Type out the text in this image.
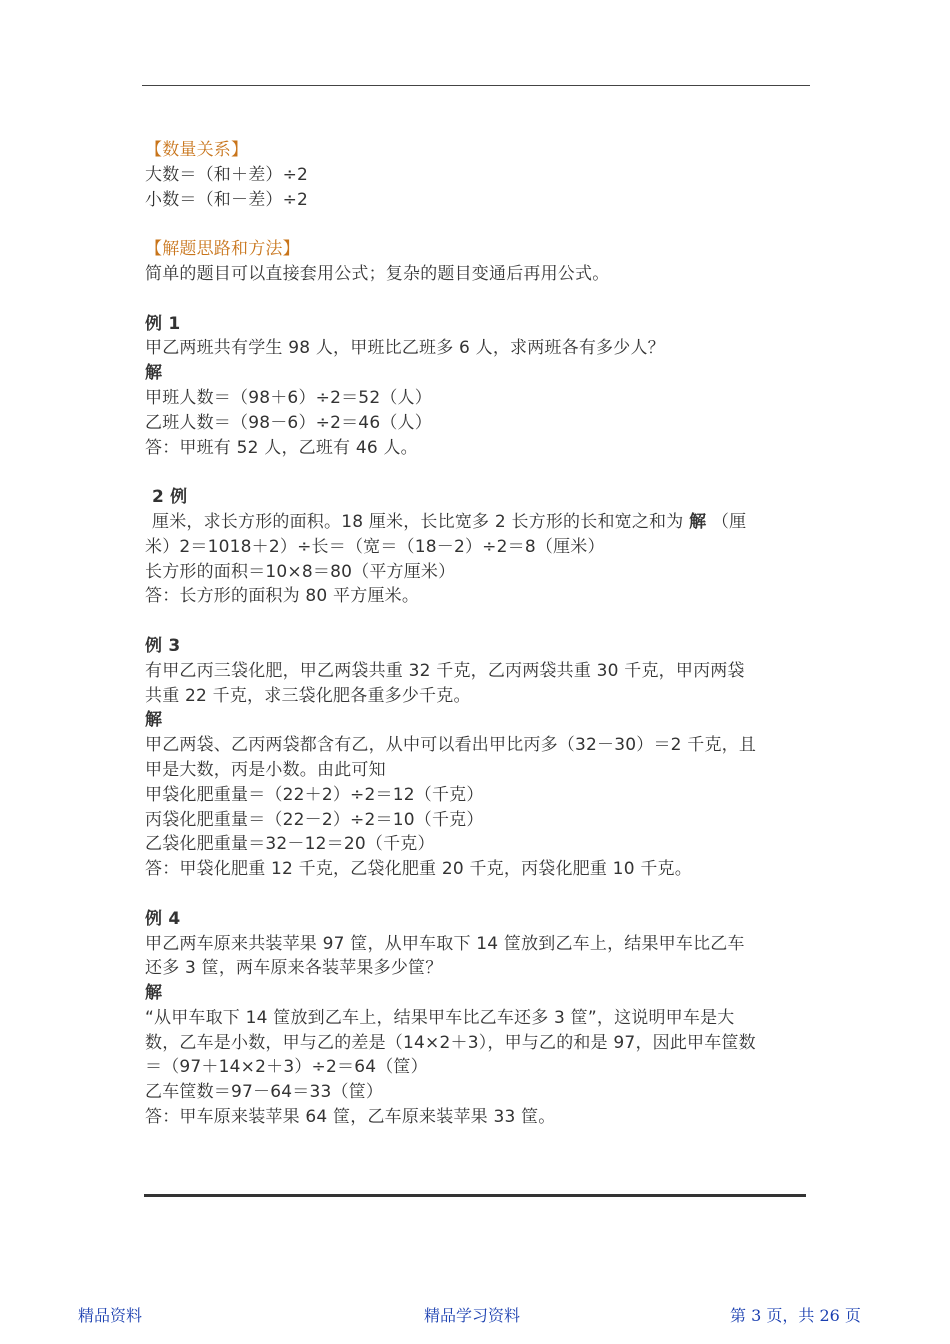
【数量关系】

大数＝（和＋差）÷2

小数＝（和－差）÷2

【解题思路和方法】

简单的题目可以直接套用公式；复杂的题目变通后再用公式。

例 1

甲乙两班共有学生 98 人，甲班比乙班多 6 人，求两班各有多少人？

解

甲班人数＝（98＋6）÷2＝52（人）

乙班人数＝（98－6）÷2＝46（人）

答：甲班有 52 人，乙班有 46 人。

2 例

厘米，求长方形的面积。18 厘米，长比宽多 2 长方形的长和宽之和为 解 （厘

米）2＝1018＋2）÷长＝（宽＝（18－2）÷2＝8（厘米）

长方形的面积＝10×8＝80（平方厘米）

答：长方形的面积为 80 平方厘米。

例 3

有甲乙丙三袋化肥，甲乙两袋共重 32 千克，乙丙两袋共重 30 千克，甲丙两袋

共重 22 千克，求三袋化肥各重多少千克。

解

甲乙两袋、乙丙两袋都含有乙，从中可以看出甲比丙多（32－30）＝2 千克，且

甲是大数，丙是小数。由此可知

甲袋化肥重量＝（22＋2）÷2＝12（千克）

丙袋化肥重量＝（22－2）÷2＝10（千克）

乙袋化肥重量＝32－12＝20（千克）

答：甲袋化肥重 12 千克，乙袋化肥重 20 千克，丙袋化肥重 10 千克。

例 4

甲乙两车原来共装苹果 97 筐，从甲车取下 14 筐放到乙车上，结果甲车比乙车

还多 3 筐，两车原来各装苹果多少筐？

解

“从甲车取下 14 筐放到乙车上，结果甲车比乙车还多 3 筐”，这说明甲车是大

数，乙车是小数，甲与乙的差是（14×2＋3），甲与乙的和是 97，因此甲车筐数

＝（97＋14×2＋3）÷2＝64（筐）

乙车筐数＝97－64＝33（筐）

答：甲车原来装苹果 64 筐，乙车原来装苹果 33 筐。

精品资料	精品学习资料	第 3 页，共 26 页
